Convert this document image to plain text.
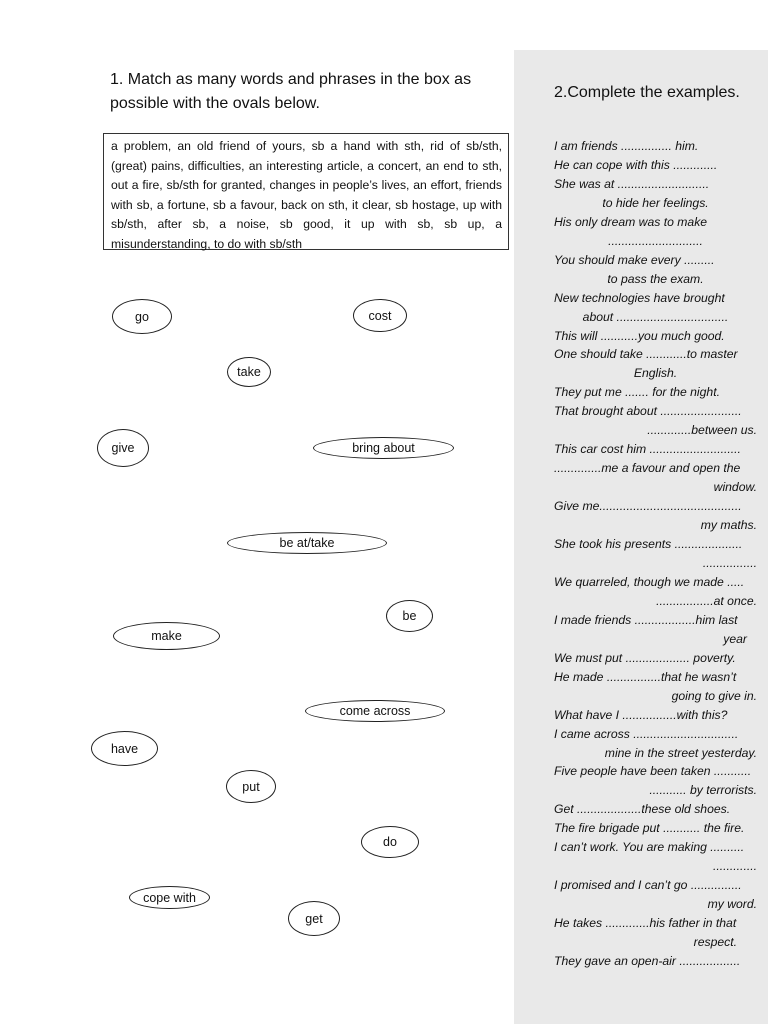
1. Match as many words and phrases in the box as possible with the ovals below.
a problem, an old friend of yours, sb a hand with sth, rid of sb/sth, (great) pains, difficulties, an interesting article, a concert, an end to sth, out a fire, sb/sth for granted, changes in people’s lives, an effort, friends with sb, a fortune, sb a favour, back on sth, it clear, sb hostage, up with sb/sth, after sb, a noise, sb good, it up with sb, sb up, a misunderstanding, to do with sb/sth
go	cost
take
give	bring about
be at/take
be
make
come across
have
put
do
cope with
get
2.Complete the examples.
I am friends ............... him.
He can cope with this .............
She was at ...........................
to hide her feelings.
His only dream was to make
............................
You should make every .........
to pass the exam.
New technologies have brought
about .................................
This will ...........you much good.
One should take ............to master
English.
They put me ....... for the night.
That brought about ........................
.............between us.
This car cost him ...........................
..............me a favour and open the
window.
Give me..........................................
my maths.
She took his presents ....................
................
We quarreled, though we made .....
.................at once.
I made friends ..................him last
year
We must put ................... poverty.
He made ................that he wasn’t
going to give in.
What have I ................with this?
I came across ...............................
mine in the street yesterday.
Five people have been taken ...........
........... by terrorists.
Get ...................these old shoes.
The fire brigade put ........... the fire.
I can’t work. You are making ..........
.............
I promised and I can’t go ...............
my word.
He takes .............his father in that
respect.
They gave an open-air ..................
